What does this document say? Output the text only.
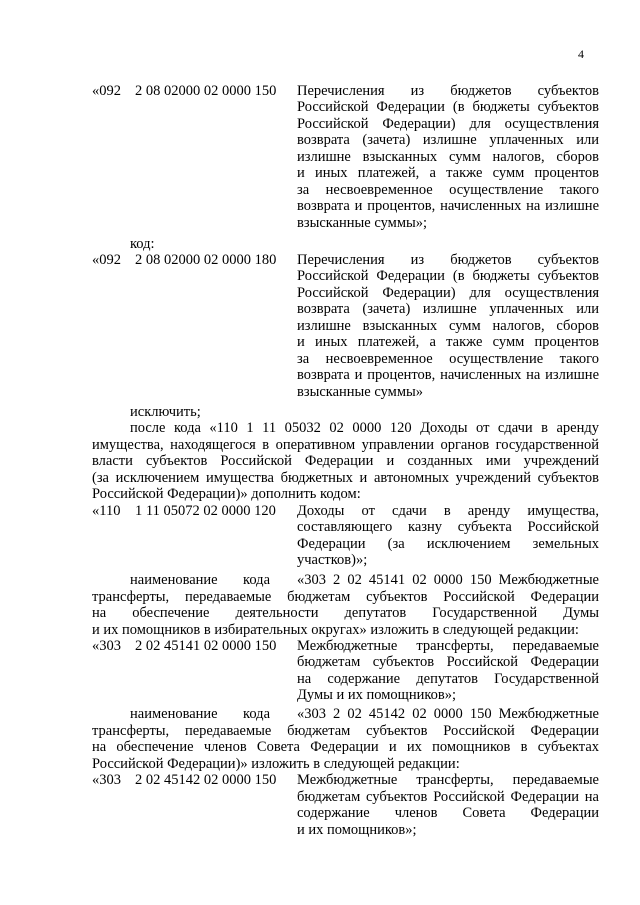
4
«092 2 08 02000 02 0000 150 Перечисления из бюджетов субъектов
Российской Федерации (в бюджеты субъектов
Российской Федерации) для осуществления
возврата (зачета) излишне уплаченных или
излишне взысканных сумм налогов, сборов
и иных платежей, а также сумм процентов
за несвоевременное осуществление такого
возврата и процентов, начисленных на излишне
взысканные суммы»;
код:
«092 2 08 02000 02 0000 180 Перечисления из бюджетов субъектов
Российской Федерации (в бюджеты субъектов
Российской Федерации) для осуществления
возврата (зачета) излишне уплаченных или
излишне взысканных сумм налогов, сборов
и иных платежей, а также сумм процентов
за несвоевременное осуществление такого
возврата и процентов, начисленных на излишне
взысканные суммы»
исключить;
после кода «110 1 11 05032 02 0000 120 Доходы от сдачи в аренду
имущества, находящегося в оперативном управлении органов государственной
власти субъектов Российской Федерации и созданных ими учреждений
(за исключением имущества бюджетных и автономных учреждений субъектов
Российской Федерации)» дополнить кодом:
«110 1 11 05072 02 0000 120 Доходы от сдачи в аренду имущества,
составляющего казну субъекта Российской
Федерации (за исключением земельных
участков)»;
наименование кода «303 2 02 45141 02 0000 150 Межбюджетные
трансферты, передаваемые бюджетам субъектов Российской Федерации
на обеспечение деятельности депутатов Государственной Думы
и их помощников в избирательных округах» изложить в следующей редакции:
«303 2 02 45141 02 0000 150 Межбюджетные трансферты, передаваемые
бюджетам субъектов Российской Федерации
на содержание депутатов Государственной
Думы и их помощников»;
наименование кода «303 2 02 45142 02 0000 150 Межбюджетные
трансферты, передаваемые бюджетам субъектов Российской Федерации
на обеспечение членов Совета Федерации и их помощников в субъектах
Российской Федерации)» изложить в следующей редакции:
«303 2 02 45142 02 0000 150 Межбюджетные трансферты, передаваемые
бюджетам субъектов Российской Федерации на
содержание членов Совета Федерации
и их помощников»;
